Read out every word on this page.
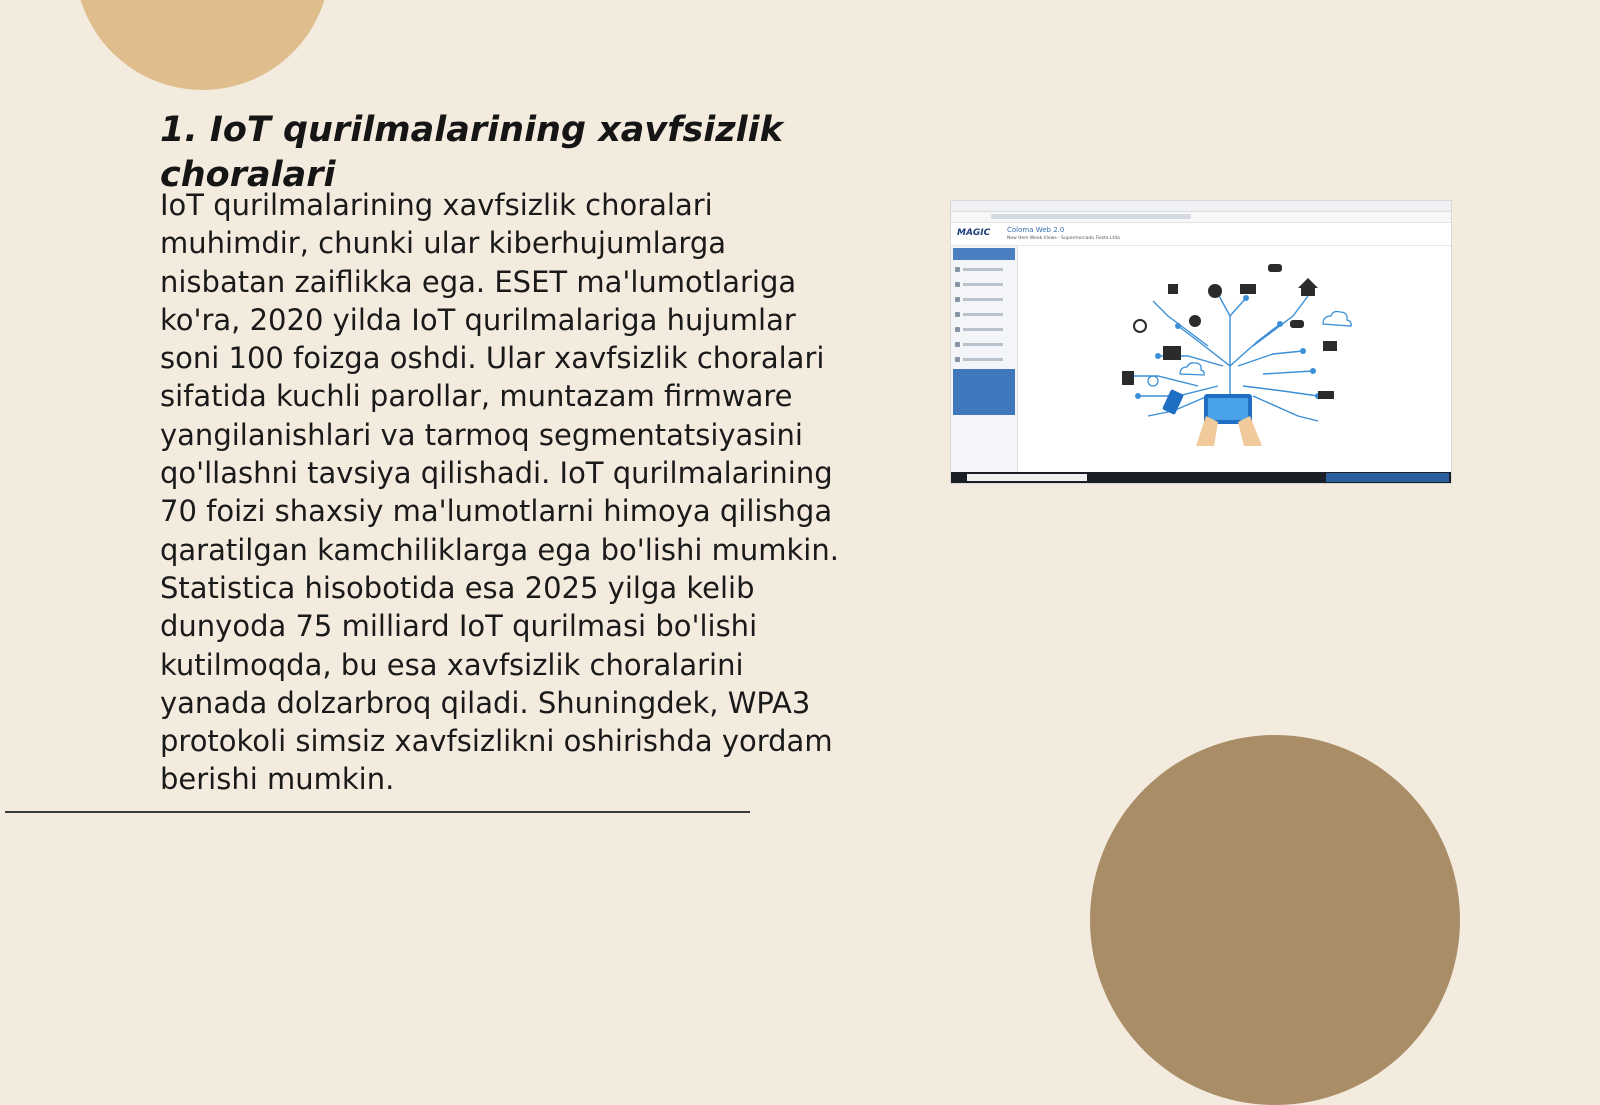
1. IoT qurilmalarining xavfsizlik choralari

IoT qurilmalarining xavfsizlik choralari muhimdir, chunki ular kiberhujumlarga nisbatan zaiflikka ega. ESET ma'lumotlariga ko'ra, 2020 yilda IoT qurilmalariga hujumlar soni 100 foizga oshdi. Ular xavfsizlik choralari sifatida kuchli parollar, muntazam firmware yangilanishlari va tarmoq segmentatsiyasini qo'llashni tavsiya qilishadi. IoT qurilmalarining 70 foizi shaxsiy ma'lumotlarni himoya qilishga qaratilgan kamchiliklarga ega bo'lishi mumkin. Statistica hisobotida esa 2025 yilga kelib dunyoda 75 milliard IoT qurilmasi bo'lishi kutilmoqda, bu esa xavfsizlik choralarini yanada dolzarbroq qiladi. Shuningdek, WPA3 protokoli simsiz xavfsizlikni oshirishda yordam berishi mumkin.

MAGIC Coloma Web 2.0
New Item Week Views - Supermercado Fiesta Ltda
